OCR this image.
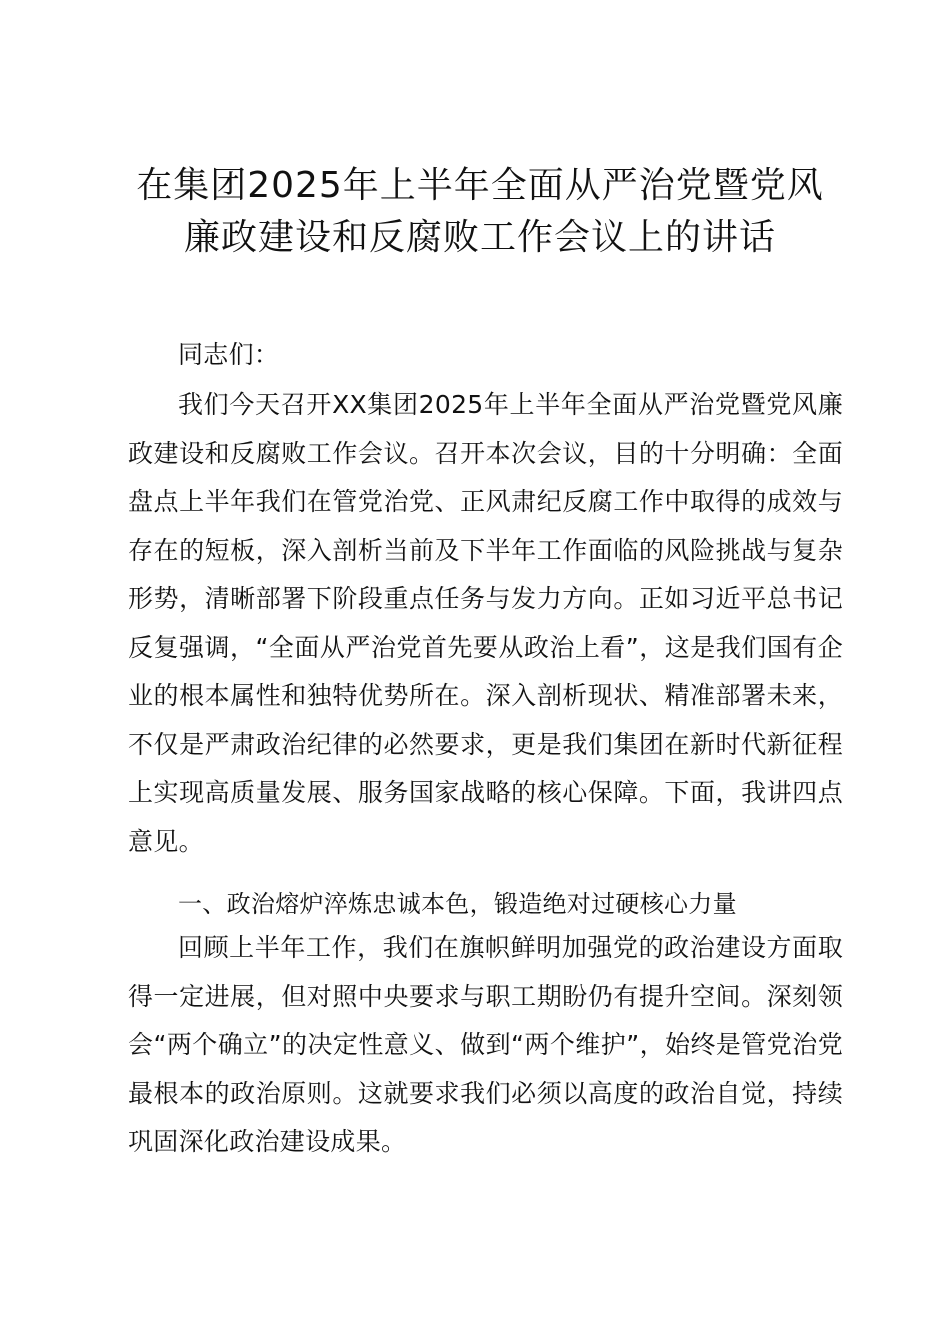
在集团2025年上半年全面从严治党暨党风廉政建设和反腐败工作会议上的讲话

同志们：

我们今天召开XX集团2025年上半年全面从严治党暨党风廉政建设和反腐败工作会议。召开本次会议，目的十分明确：全面盘点上半年我们在管党治党、正风肃纪反腐工作中取得的成效与存在的短板，深入剖析当前及下半年工作面临的风险挑战与复杂形势，清晰部署下阶段重点任务与发力方向。正如习近平总书记反复强调，“全面从严治党首先要从政治上看”，这是我们国有企业的根本属性和独特优势所在。深入剖析现状、精准部署未来，不仅是严肃政治纪律的必然要求，更是我们集团在新时代新征程上实现高质量发展、服务国家战略的核心保障。下面，我讲四点意见。

一、政治熔炉淬炼忠诚本色，锻造绝对过硬核心力量

回顾上半年工作，我们在旗帜鲜明加强党的政治建设方面取得一定进展，但对照中央要求与职工期盼仍有提升空间。深刻领会“两个确立”的决定性意义、做到“两个维护”，始终是管党治党最根本的政治原则。这就要求我们必须以高度的政治自觉，持续巩固深化政治建设成果。
